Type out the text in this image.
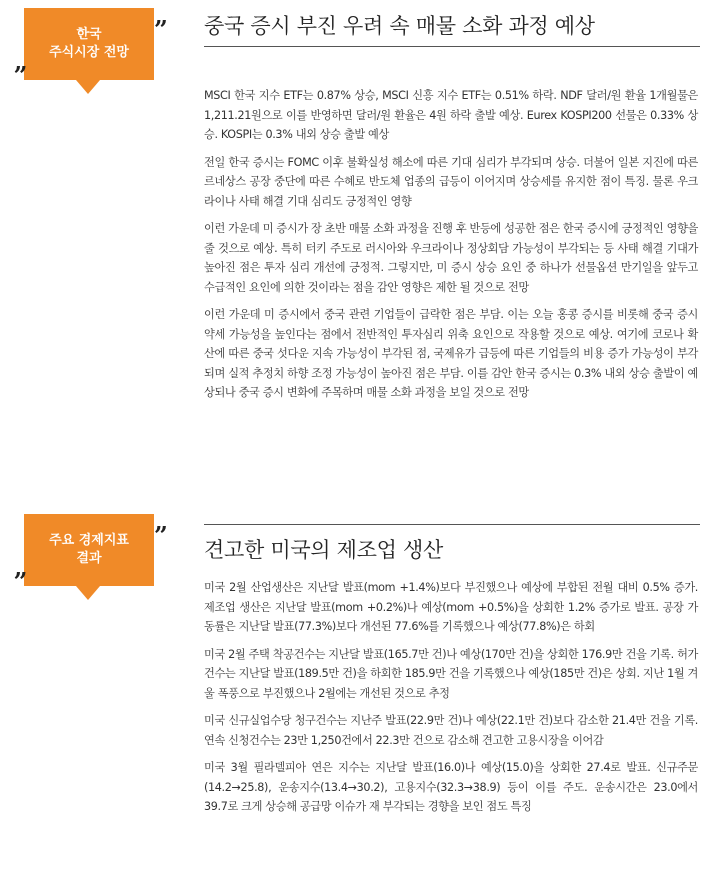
한국
주식시장 전망
„
” 중국 증시 부진 우려 속 매물 소화 과정 예상

MSCI 한국 지수 ETF는 0.87% 상승, MSCI 신흥 지수 ETF는 0.51% 하락. NDF 달러/원 환율 1개월물은 1,211.21원으로 이를 반영하면 달러/원 환율은 4원 하락 출발 예상. Eurex KOSPI200 선물은 0.33% 상승. KOSPI는 0.3% 내외 상승 출발 예상

전일 한국 증시는 FOMC 이후 불확실성 해소에 따른 기대 심리가 부각되며 상승. 더불어 일본 지진에 따른 르네상스 공장 중단에 따른 수혜로 반도체 업종의 급등이 이어지며 상승세를 유지한 점이 특징. 물론 우크라이나 사태 해결 기대 심리도 긍정적인 영향

이런 가운데 미 증시가 장 초반 매물 소화 과정을 진행 후 반등에 성공한 점은 한국 증시에 긍정적인 영향을 줄 것으로 예상. 특히 터키 주도로 러시아와 우크라이나 정상회담 가능성이 부각되는 등 사태 해결 기대가 높아진 점은 투자 심리 개선에 긍정적. 그렇지만, 미 증시 상승 요인 중 하나가 선물옵션 만기일을 앞두고 수급적인 요인에 의한 것이라는 점을 감안 영향은 제한 될 것으로 전망

이런 가운데 미 증시에서 중국 관련 기업들이 급락한 점은 부담. 이는 오늘 홍콩 증시를 비롯해 중국 증시 약세 가능성을 높인다는 점에서 전반적인 투자심리 위축 요인으로 작용할 것으로 예상. 여기에 코로나 확산에 따른 중국 섯다운 지속 가능성이 부각된 점, 국제유가 급등에 따른 기업들의 비용 증가 가능성이 부각되며 실적 추정치 하향 조정 가능성이 높아진 점은 부담. 이를 감안 한국 증시는 0.3% 내외 상승 출발이 예상되나 중국 증시 변화에 주목하며 매물 소화 과정을 보일 것으로 전망

주요 경제지표
결과
„
” 견고한 미국의 제조업 생산

미국 2월 산업생산은 지난달 발표(mom +1.4%)보다 부진했으나 예상에 부합된 전월 대비 0.5% 증가. 제조업 생산은 지난달 발표(mom +0.2%)나 예상(mom +0.5%)을 상회한 1.2% 증가로 발표. 공장 가동률은 지난달 발표(77.3%)보다 개선된 77.6%를 기록했으나 예상(77.8%)은 하회

미국 2월 주택 착공건수는 지난달 발표(165.7만 건)나 예상(170만 건)을 상회한 176.9만 건을 기록. 허가건수는 지난달 발표(189.5만 건)을 하회한 185.9만 건을 기록했으나 예상(185만 건)은 상회. 지난 1월 겨울 폭풍으로 부진했으나 2월에는 개선된 것으로 추정

미국 신규실업수당 청구건수는 지난주 발표(22.9만 건)나 예상(22.1만 건)보다 감소한 21.4만 건을 기록. 연속 신청건수는 23만 1,250건에서 22.3만 건으로 감소해 견고한 고용시장을 이어감

미국 3월 필라델피아 연은 지수는 지난달 발표(16.0)나 예상(15.0)을 상회한 27.4로 발표. 신규주문(14.2→25.8), 운송지수(13.4→30.2), 고용지수(32.3→38.9) 등이 이를 주도. 운송시간은 23.0에서 39.7로 크게 상승해 공급망 이슈가 재 부각되는 경향을 보인 점도 특징
